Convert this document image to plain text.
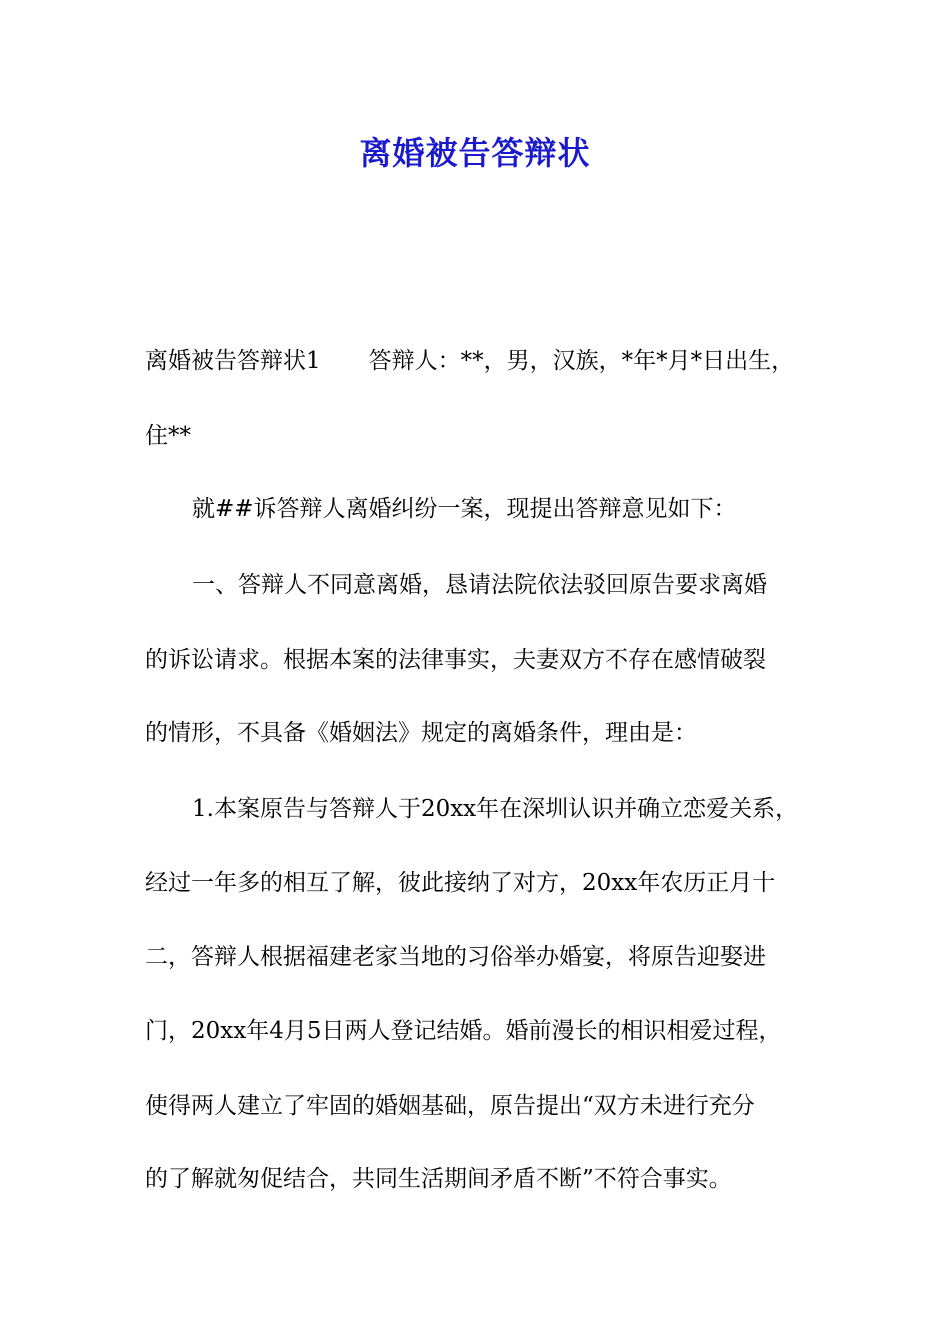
离婚被告答辩状
离婚被告答辩状1 答辩人：**，男，汉族，*年*月*日出生，
住**
就##诉答辩人离婚纠纷一案，现提出答辩意见如下：
一、答辩人不同意离婚，恳请法院依法驳回原告要求离婚
的诉讼请求。根据本案的法律事实，夫妻双方不存在感情破裂
的情形，不具备《婚姻法》规定的离婚条件，理由是：
1.本案原告与答辩人于20xx年在深圳认识并确立恋爱关系，
经过一年多的相互了解，彼此接纳了对方，20xx年农历正月十
二，答辩人根据福建老家当地的习俗举办婚宴，将原告迎娶进
门，20xx年4月5日两人登记结婚。婚前漫长的相识相爱过程，
使得两人建立了牢固的婚姻基础，原告提出“双方未进行充分
的了解就匆促结合，共同生活期间矛盾不断”不符合事实。
